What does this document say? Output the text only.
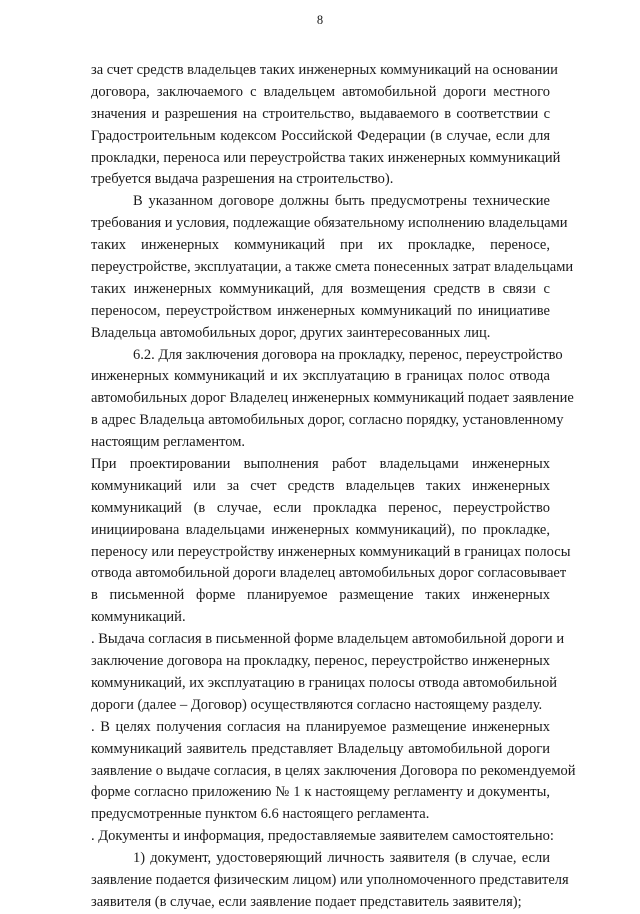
8
за счет средств владельцев таких инженерных коммуникаций на основании
договора, заключаемого с владельцем автомобильной дороги местного
значения и разрешения на строительство, выдаваемого в соответствии с
Градостроительным кодексом Российской Федерации (в случае, если для
прокладки, переноса или переустройства таких инженерных коммуникаций
требуется выдача разрешения на строительство).
В указанном договоре должны быть предусмотрены технические
требования и условия, подлежащие обязательному исполнению владельцами
таких инженерных коммуникаций при их прокладке, переносе,
переустройстве, эксплуатации, а также смета понесенных затрат владельцами
таких инженерных коммуникаций, для возмещения средств в связи с
переносом, переустройством инженерных коммуникаций по инициативе
Владельца автомобильных дорог, других заинтересованных лиц.
6.2. Для заключения договора на прокладку, перенос, переустройство
инженерных коммуникаций и их эксплуатацию в границах полос отвода
автомобильных дорог Владелец инженерных коммуникаций подает заявление
в адрес Владельца автомобильных дорог, согласно порядку, установленному
настоящим регламентом.
При проектировании выполнения работ владельцами инженерных
коммуникаций или за счет средств владельцев таких инженерных
коммуникаций (в случае, если прокладка перенос, переустройство
инициирована владельцами инженерных коммуникаций), по прокладке,
переносу или переустройству инженерных коммуникаций в границах полосы
отвода автомобильной дороги владелец автомобильных дорог согласовывает
в письменной форме планируемое размещение таких инженерных
коммуникаций.
. Выдача согласия в письменной форме владельцем автомобильной дороги и
заключение договора на прокладку, перенос, переустройство инженерных
коммуникаций, их эксплуатацию в границах полосы отвода автомобильной
дороги (далее – Договор) осуществляются согласно настоящему разделу.
. В целях получения согласия на планируемое размещение инженерных
коммуникаций заявитель представляет Владельцу автомобильной дороги
заявление о выдаче согласия, в целях заключения Договора по рекомендуемой
форме согласно приложению № 1 к настоящему регламенту и документы,
предусмотренные пунктом 6.6 настоящего регламента.
. Документы и информация, предоставляемые заявителем самостоятельно:
1) документ, удостоверяющий личность заявителя (в случае, если
заявление подается физическим лицом) или уполномоченного представителя
заявителя (в случае, если заявление подает представитель заявителя);
